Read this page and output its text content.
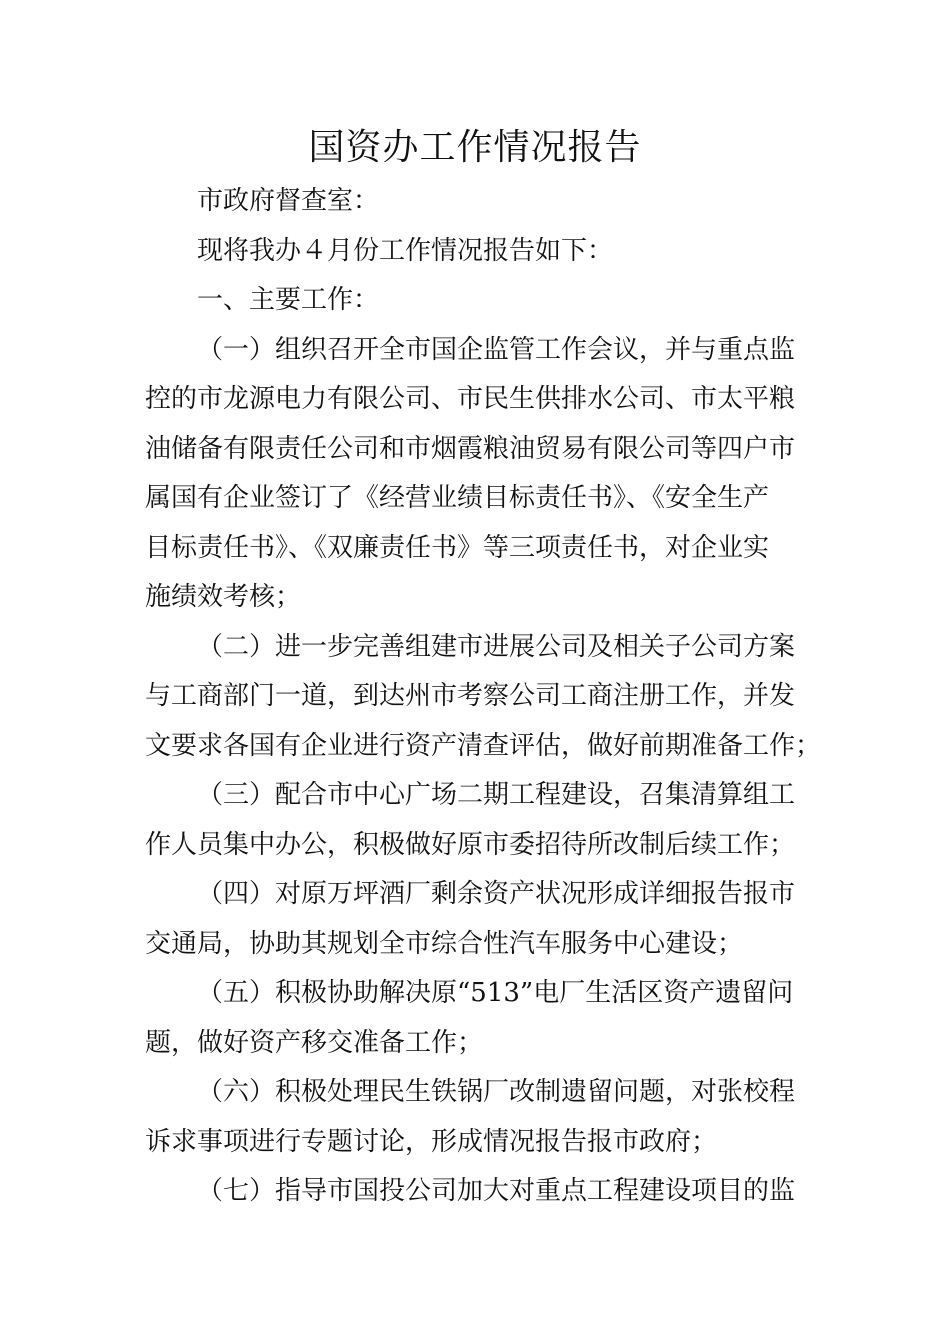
国资办工作情况报告

市政府督查室：

现将我办４月份工作情况报告如下：

一、主要工作：

（一）组织召开全市国企监管工作会议，并与重点监
控的市龙源电力有限公司、市民生供排水公司、市太平粮
油储备有限责任公司和市烟霞粮油贸易有限公司等四户市
属国有企业签订了《经营业绩目标责任书》、《安全生产
目标责任书》、《双廉责任书》等三项责任书，对企业实
施绩效考核；

（二）进一步完善组建市进展公司及相关子公司方案
与工商部门一道，到达州市考察公司工商注册工作，并发
文要求各国有企业进行资产清查评估，做好前期准备工作；

（三）配合市中心广场二期工程建设，召集清算组工
作人员集中办公，积极做好原市委招待所改制后续工作；

（四）对原万坪酒厂剩余资产状况形成详细报告报市
交通局，协助其规划全市综合性汽车服务中心建设；

（五）积极协助解决原“513”电厂生活区资产遗留问
题，做好资产移交准备工作；

（六）积极处理民生铁锅厂改制遗留问题，对张校程
诉求事项进行专题讨论，形成情况报告报市政府；

（七）指导市国投公司加大对重点工程建设项目的监
